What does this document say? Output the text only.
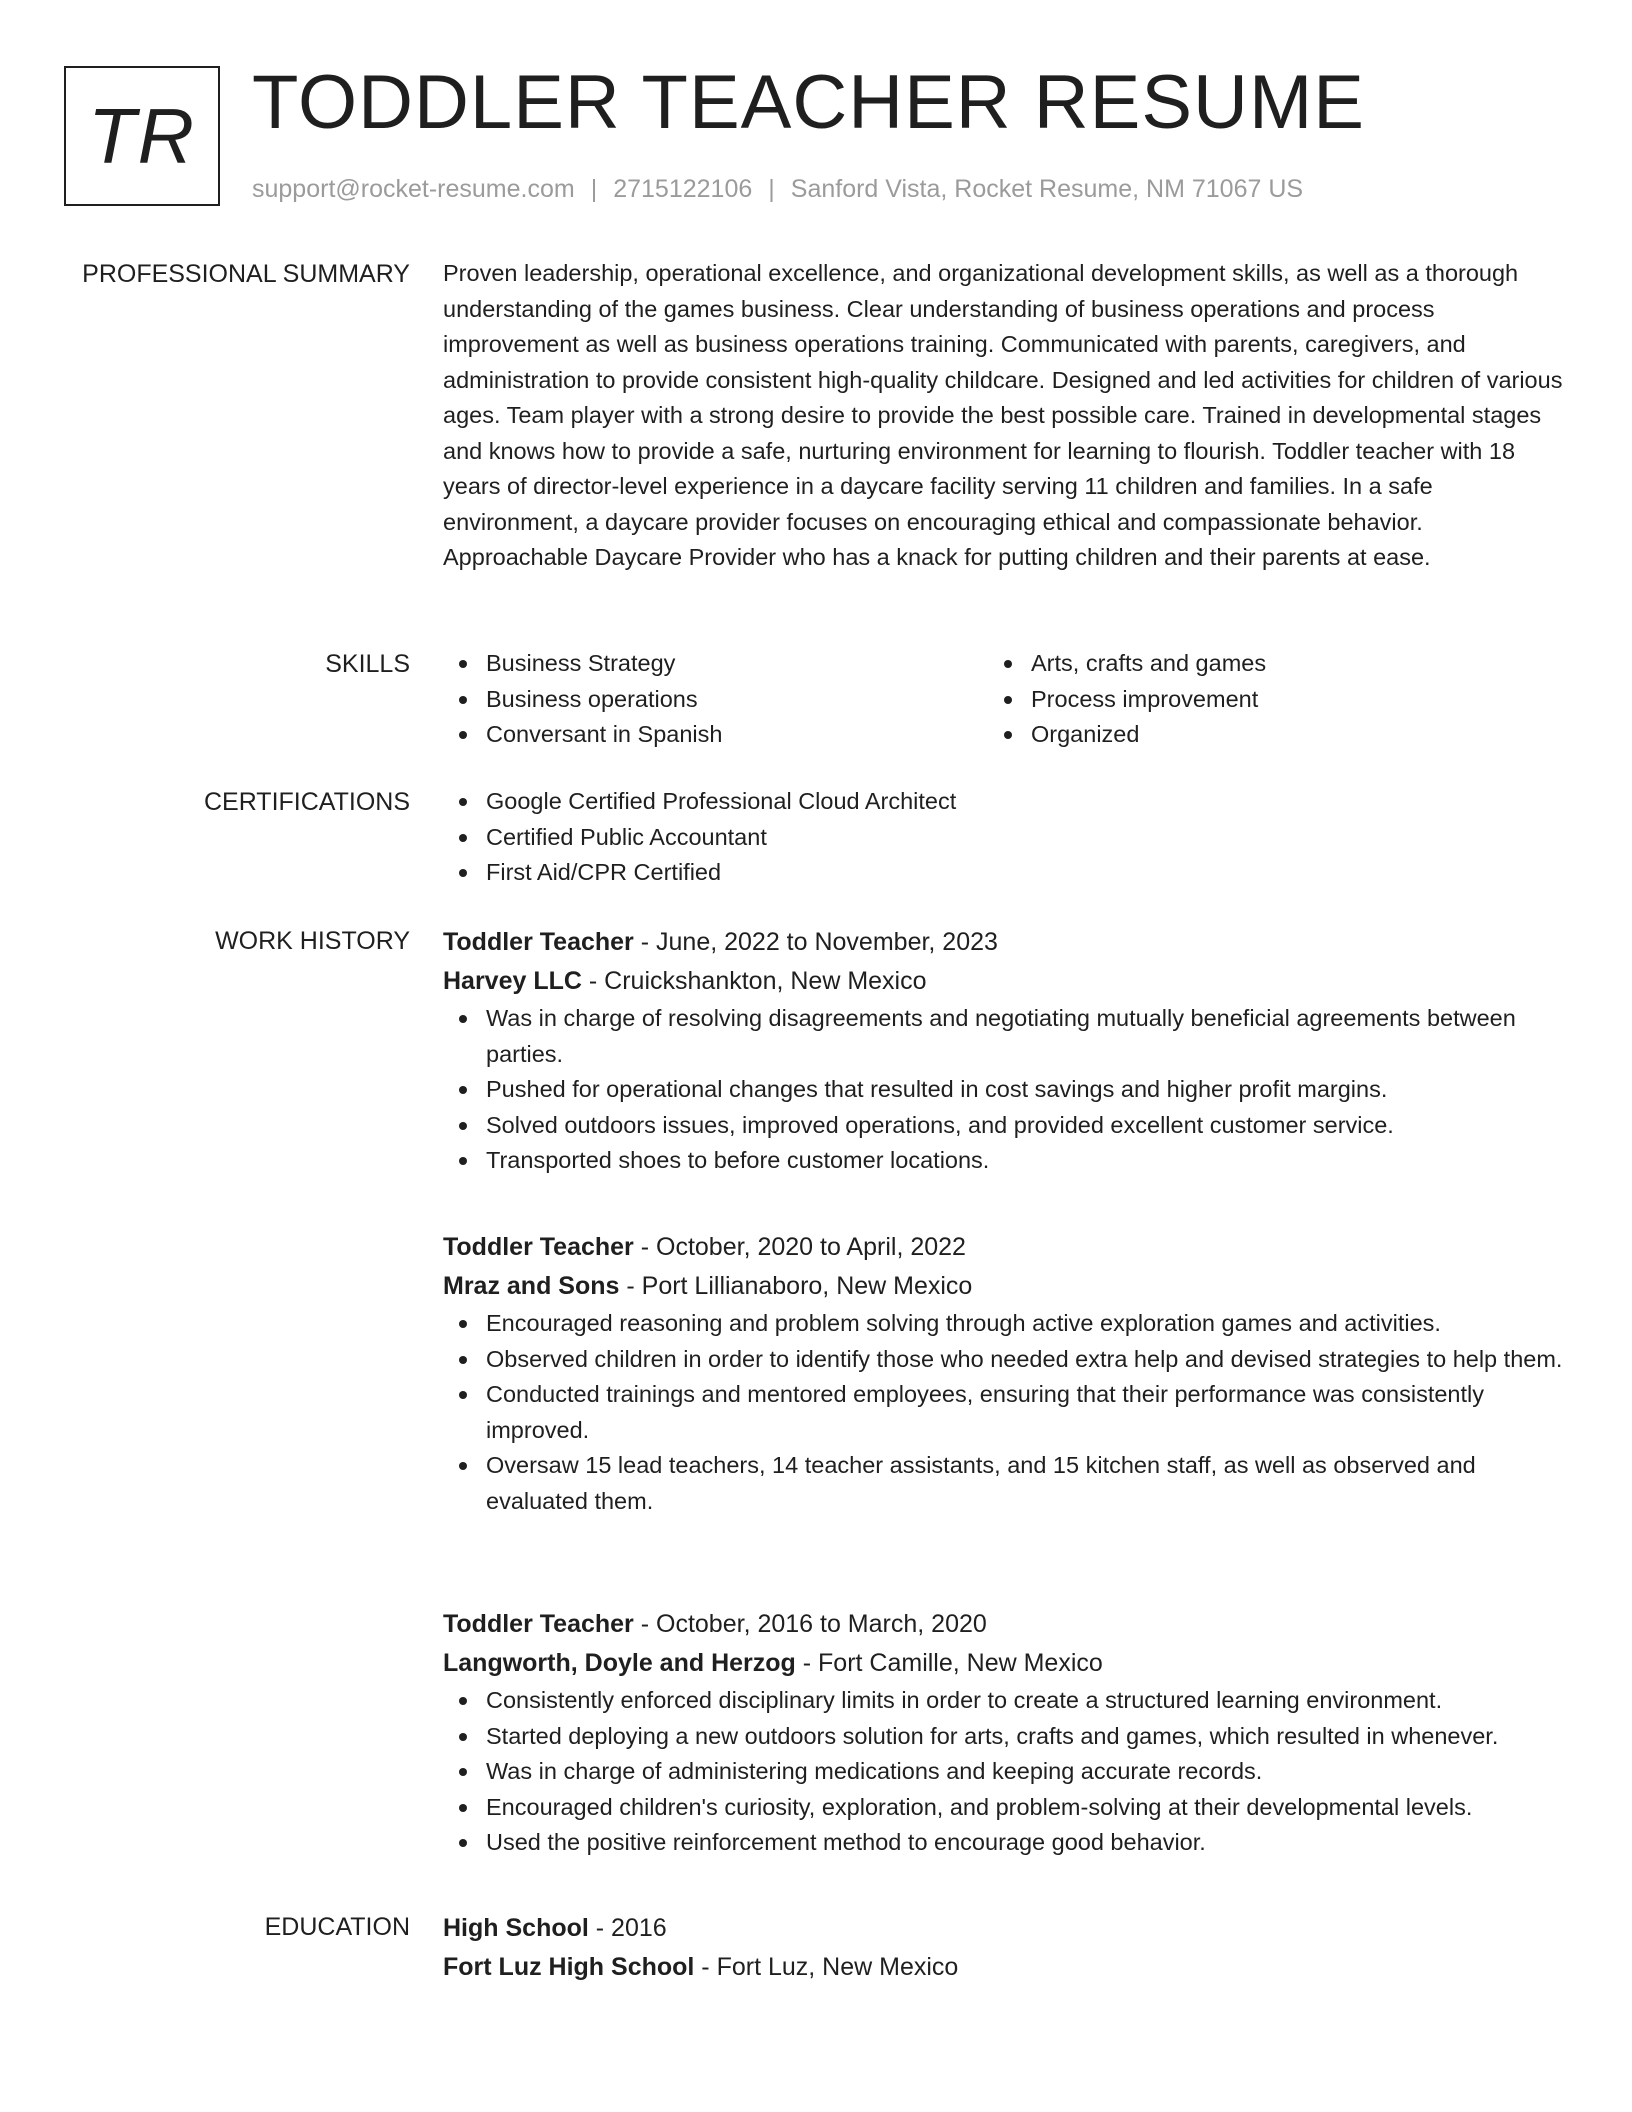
TR TODDLER TEACHER RESUME
support@rocket-resume.com | 2715122106 | Sanford Vista, Rocket Resume, NM 71067 US
PROFESSIONAL SUMMARY Proven leadership, operational excellence, and organizational development skills, as well as a thorough understanding of the games business. Clear understanding of business operations and process improvement as well as business operations training. Communicated with parents, caregivers, and administration to provide consistent high-quality childcare. Designed and led activities for children of various ages. Team player with a strong desire to provide the best possible care. Trained in developmental stages and knows how to provide a safe, nurturing environment for learning to flourish. Toddler teacher with 18 years of director-level experience in a daycare facility serving 11 children and families. In a safe environment, a daycare provider focuses on encouraging ethical and compassionate behavior. Approachable Daycare Provider who has a knack for putting children and their parents at ease.

SKILLS	Business Strategy
Business operations
Conversant in Spanish
Arts, crafts and games
Process improvement
Organized
CERTIFICATIONS	Google Certified Professional Cloud Architect
Certified Public Accountant
First Aid/CPR Certified
WORK HISTORY Toddler Teacher - June, 2022 to November, 2023
Harvey LLC - Cruickshankton, New Mexico
Was in charge of resolving disagreements and negotiating mutually beneficial agreements between parties.
Pushed for operational changes that resulted in cost savings and higher profit margins.
Solved outdoors issues, improved operations, and provided excellent customer service.
Transported shoes to before customer locations.
Toddler Teacher - October, 2020 to April, 2022
Mraz and Sons - Port Lillianaboro, New Mexico
Encouraged reasoning and problem solving through active exploration games and activities.
Observed children in order to identify those who needed extra help and devised strategies to help them.
Conducted trainings and mentored employees, ensuring that their performance was consistently improved.
Oversaw 15 lead teachers, 14 teacher assistants, and 15 kitchen staff, as well as observed and evaluated them.
Toddler Teacher - October, 2016 to March, 2020
Langworth, Doyle and Herzog - Fort Camille, New Mexico
Consistently enforced disciplinary limits in order to create a structured learning environment.
Started deploying a new outdoors solution for arts, crafts and games, which resulted in whenever.
Was in charge of administering medications and keeping accurate records.
Encouraged children's curiosity, exploration, and problem-solving at their developmental levels.
Used the positive reinforcement method to encourage good behavior.
EDUCATION High School - 2016
Fort Luz High School - Fort Luz, New Mexico
